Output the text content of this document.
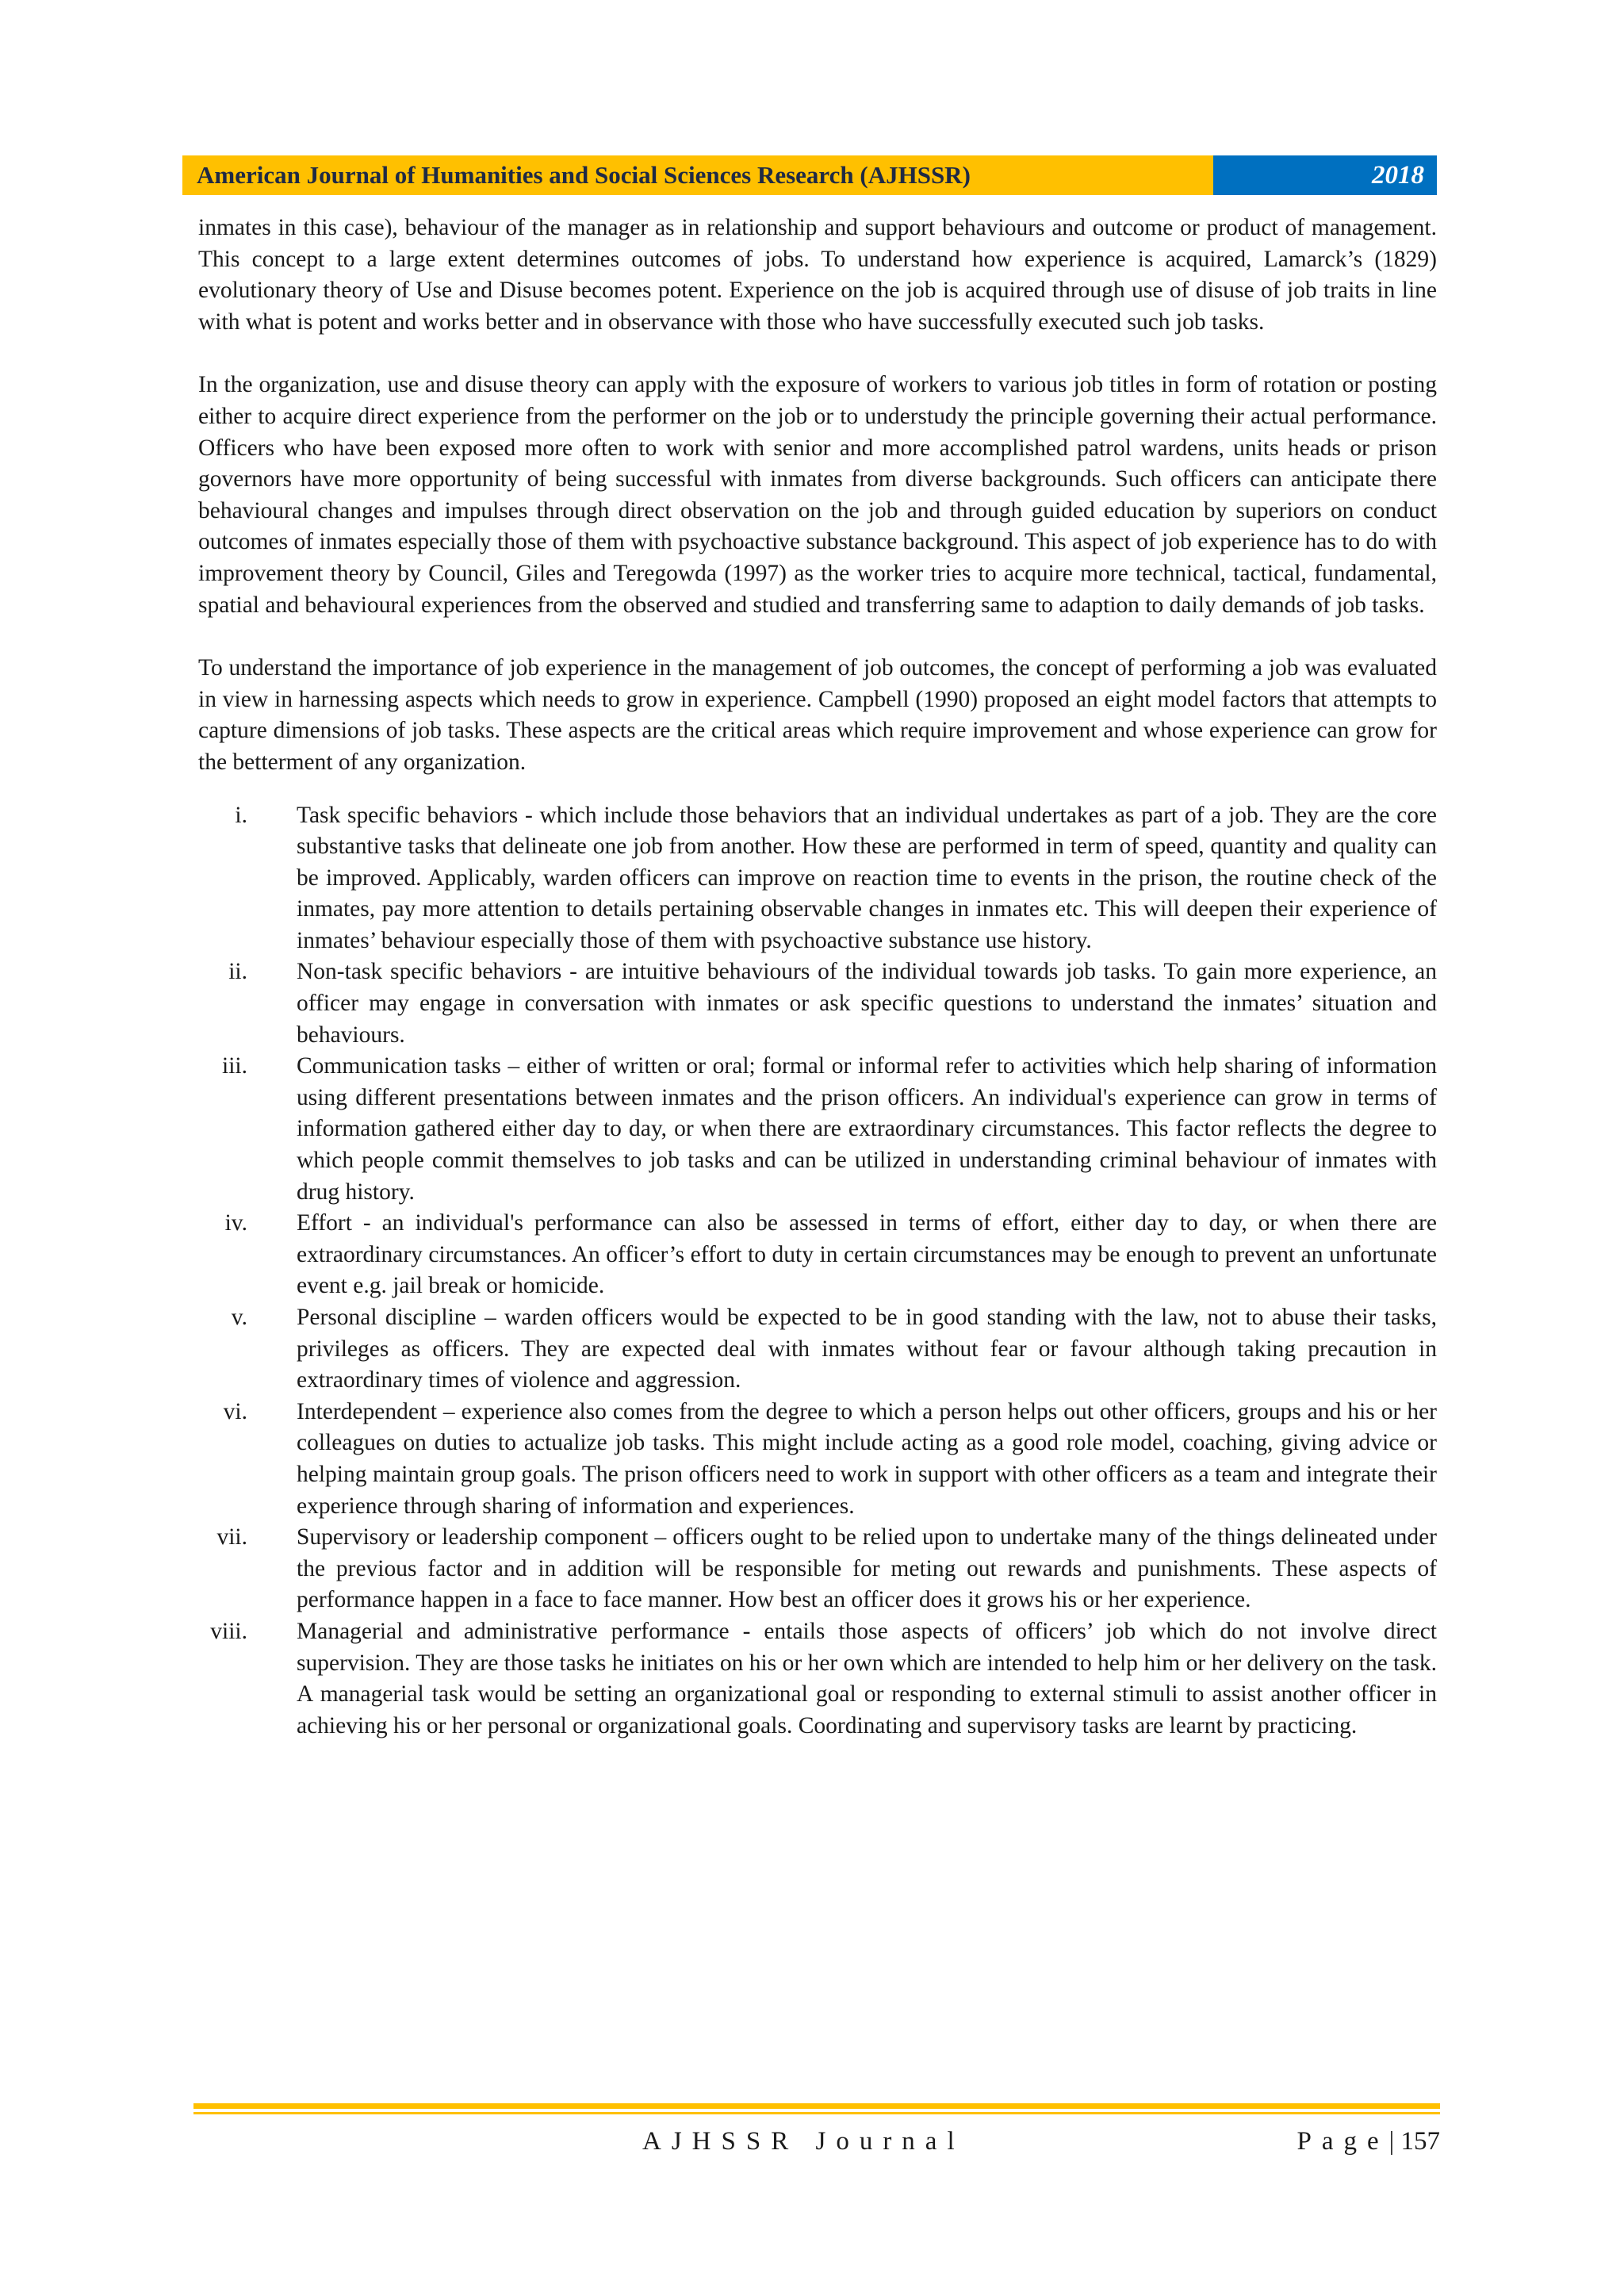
American Journal of Humanities and Social Sciences Research (AJHSSR)	2018

inmates in this case), behaviour of the manager as in relationship and support behaviours and outcome or product of management. This concept to a large extent determines outcomes of jobs. To understand how experience is acquired, Lamarck’s (1829) evolutionary theory of Use and Disuse becomes potent. Experience on the job is acquired through use of disuse of job traits in line with what is potent and works better and in observance with those who have successfully executed such job tasks.

In the organization, use and disuse theory can apply with the exposure of workers to various job titles in form of rotation or posting either to acquire direct experience from the performer on the job or to understudy the principle governing their actual performance. Officers who have been exposed more often to work with senior and more accomplished patrol wardens, units heads or prison governors have more opportunity of being successful with inmates from diverse backgrounds. Such officers can anticipate there behavioural changes and impulses through direct observation on the job and through guided education by superiors on conduct outcomes of inmates especially those of them with psychoactive substance background. This aspect of job experience has to do with improvement theory by Council, Giles and Teregowda (1997) as the worker tries to acquire more technical, tactical, fundamental, spatial and behavioural experiences from the observed and studied and transferring same to adaption to daily demands of job tasks.

To understand the importance of job experience in the management of job outcomes, the concept of performing a job was evaluated in view in harnessing aspects which needs to grow in experience. Campbell (1990) proposed an eight model factors that attempts to capture dimensions of job tasks. These aspects are the critical areas which require improvement and whose experience can grow for the betterment of any organization.

i. Task specific behaviors - which include those behaviors that an individual undertakes as part of a job. They are the core substantive tasks that delineate one job from another. How these are performed in term of speed, quantity and quality can be improved. Applicably, warden officers can improve on reaction time to events in the prison, the routine check of the inmates, pay more attention to details pertaining observable changes in inmates etc. This will deepen their experience of inmates’ behaviour especially those of them with psychoactive substance use history.
ii. Non-task specific behaviors - are intuitive behaviours of the individual towards job tasks. To gain more experience, an officer may engage in conversation with inmates or ask specific questions to understand the inmates’ situation and behaviours.
iii. Communication tasks – either of written or oral; formal or informal refer to activities which help sharing of information using different presentations between inmates and the prison officers. An individual's experience can grow in terms of information gathered either day to day, or when there are extraordinary circumstances. This factor reflects the degree to which people commit themselves to job tasks and can be utilized in understanding criminal behaviour of inmates with drug history.
iv. Effort - an individual's performance can also be assessed in terms of effort, either day to day, or when there are extraordinary circumstances. An officer’s effort to duty in certain circumstances may be enough to prevent an unfortunate event e.g. jail break or homicide.
v. Personal discipline – warden officers would be expected to be in good standing with the law, not to abuse their tasks, privileges as officers. They are expected deal with inmates without fear or favour although taking precaution in extraordinary times of violence and aggression.
vi. Interdependent – experience also comes from the degree to which a person helps out other officers, groups and his or her colleagues on duties to actualize job tasks. This might include acting as a good role model, coaching, giving advice or helping maintain group goals. The prison officers need to work in support with other officers as a team and integrate their experience through sharing of information and experiences.
vii. Supervisory or leadership component – officers ought to be relied upon to undertake many of the things delineated under the previous factor and in addition will be responsible for meting out rewards and punishments. These aspects of performance happen in a face to face manner. How best an officer does it grows his or her experience.
viii. Managerial and administrative performance - entails those aspects of officers’ job which do not involve direct supervision. They are those tasks he initiates on his or her own which are intended to help him or her delivery on the task. A managerial task would be setting an organizational goal or responding to external stimuli to assist another officer in achieving his or her personal or organizational goals. Coordinating and supervisory tasks are learnt by practicing.
AJHSSR Journal	Page| 157
